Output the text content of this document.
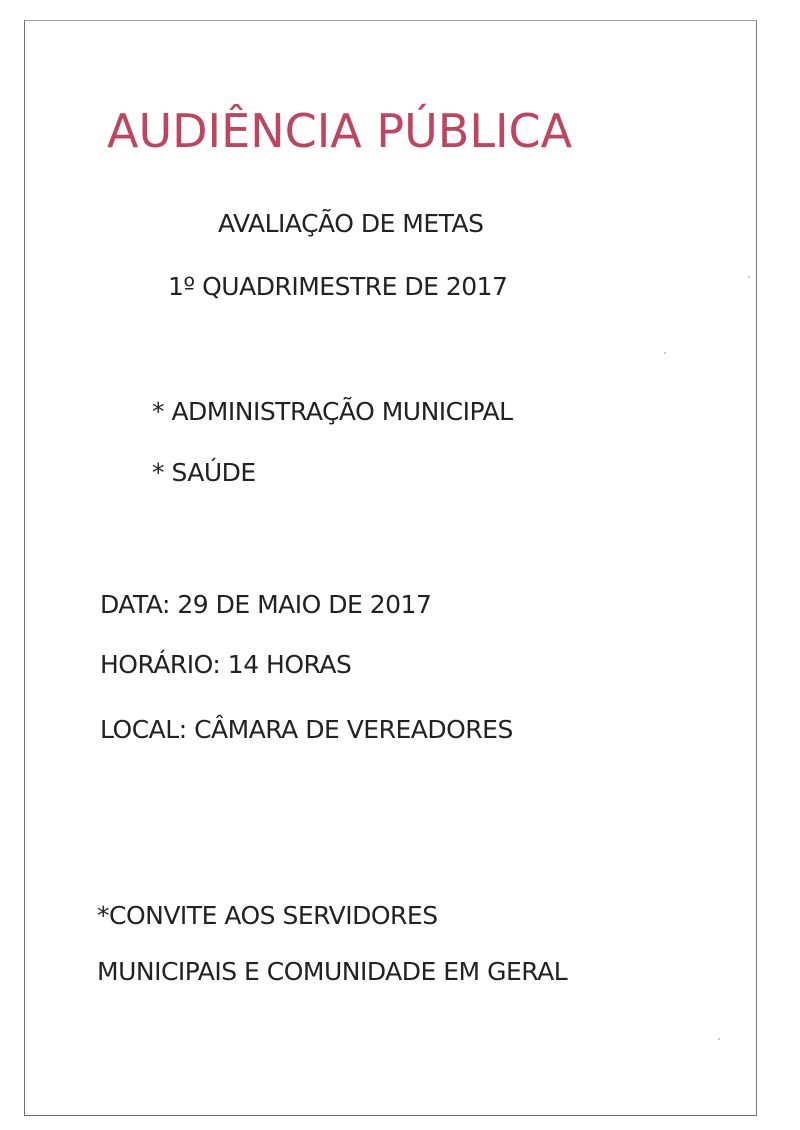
AUDIÊNCIA PÚBLICA
AVALIAÇÃO DE METAS
1º QUADRIMESTRE DE 2017
* ADMINISTRAÇÃO MUNICIPAL
* SAÚDE
DATA: 29 DE MAIO DE 2017
HORÁRIO: 14 HORAS
LOCAL: CÂMARA DE VEREADORES
*CONVITE AOS SERVIDORES
MUNICIPAIS E COMUNIDADE EM GERAL
